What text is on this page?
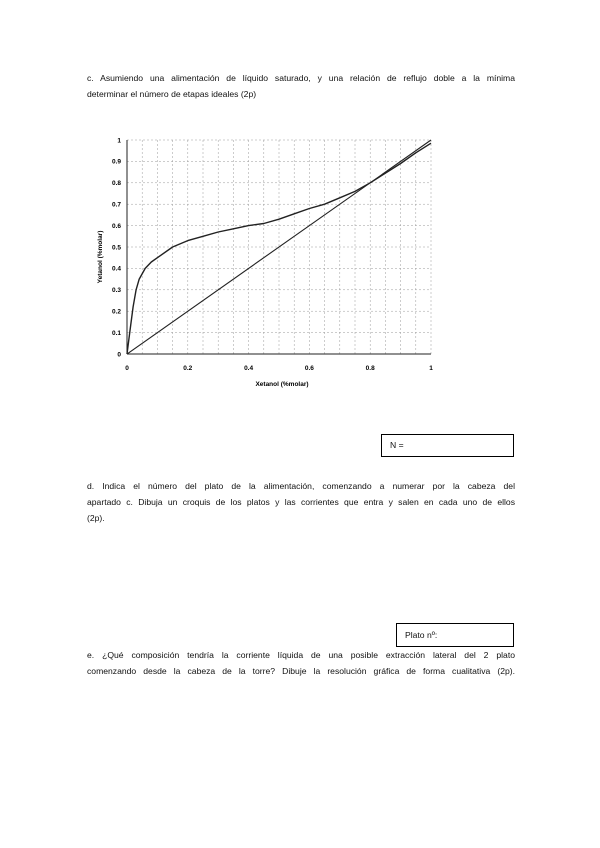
c. Asumiendo una alimentación de líquido saturado, y una relación de reflujo doble a la mínima
determinar el número de etapas ideales (2p)
0	0.2	0.4	0.6	0.8	1
0
0.1
0.2
0.3
0.4
0.5
0.6
0.7
0.8
0.9
1
Xetanol (%molar)
Yetanol (%molar)
N =
d. Indica el número del plato de la alimentación, comenzando a numerar por la cabeza del
apartado c. Dibuja un croquis de los platos y las corrientes que entra y salen en cada uno de ellos
(2p).
Plato nº:
e. ¿Qué composición tendría la corriente líquida de una posible extracción lateral del 2 plato
comenzando desde la cabeza de la torre? Dibuje la resolución gráfica de forma cualitativa (2p).
